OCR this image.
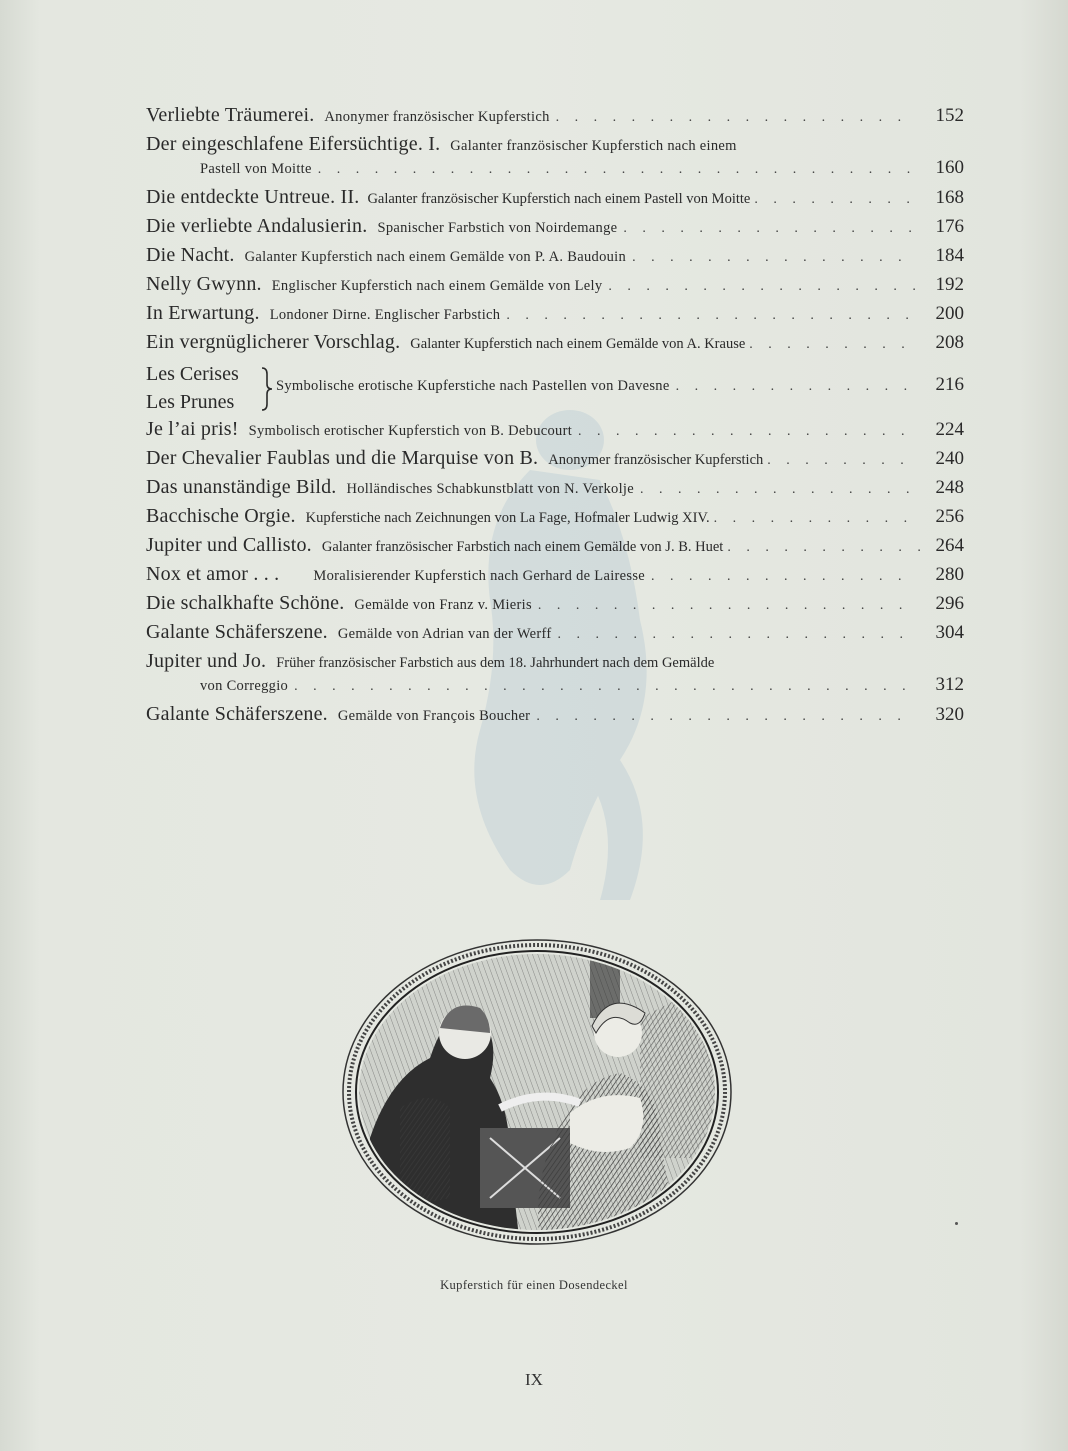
Verliebte Träumerei. Anonymer französischer Kupferstich . . .	152
Der eingeschlafene Eifersüchtige. I. Galanter französischer Kupferstich nach einem
Pastell von Moitte . . .	160
Die entdeckte Untreue. II. Galanter französischer Kupferstich nach einem Pastell von Moitte . . .	168
Die verliebte Andalusierin. Spanischer Farbstich von Noirdemange . . .	176
Die Nacht. Galanter Kupferstich nach einem Gemälde von P. A. Baudouin . . .	184
Nelly Gwynn. Englischer Kupferstich nach einem Gemälde von Lely . . .	192
In Erwartung. Londoner Dirne. Englischer Farbstich . . .	200
Ein vergnüglicherer Vorschlag. Galanter Kupferstich nach einem Gemälde von A. Krause . . .	208
Les Cerises
Les Prunes
Symbolische erotische Kupferstiche nach Pastellen von Davesne . . .	216
Je l’ai pris! Symbolisch erotischer Kupferstich von B. Debucourt . . .	224
Der Chevalier Faublas und die Marquise von B. Anonymer französischer Kupferstich . . .	240
Das unanständige Bild. Holländisches Schabkunstblatt von N. Verkolje . . .	248
Bacchische Orgie. Kupferstiche nach Zeichnungen von La Fage, Hofmaler Ludwig XIV. . . .	256
Jupiter und Callisto. Galanter französischer Farbstich nach einem Gemälde von J. B. Huet . . .	264
Nox et amor . . . Moralisierender Kupferstich nach Gerhard de Lairesse . . .	280
Die schalkhafte Schöne. Gemälde von Franz v. Mieris . . .	296
Galante Schäferszene. Gemälde von Adrian van der Werff . . .	304
Jupiter und Jo. Früher französischer Farbstich aus dem 18. Jahrhundert nach dem Gemälde
von Correggio . . .	312
Galante Schäferszene. Gemälde von François Boucher . . .	320
Kupferstich für einen Dosendeckel
IX
